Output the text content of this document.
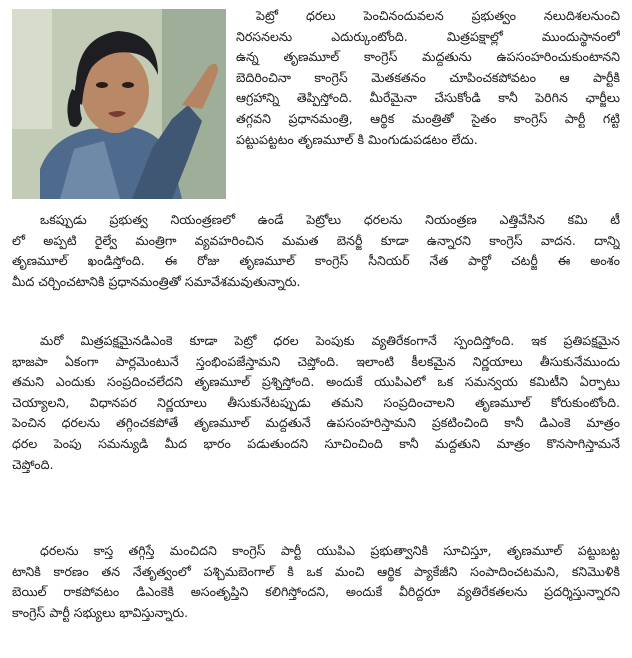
పెట్రో ధరలు పెంచినందువలన ప్రభుత్వం నలుదిశలనుంచి
నిరసనలను ఎదుర్కుంటోంది. మిత్రపక్షాల్లో ముందుస్థానంలో
ఉన్న తృణమూల్ కాంగ్రెస్ మద్దతును ఉపసంహరించుకుంటానని
బెదిరించినా కాంగ్రెస్ మెతకతనం చూపించకపోవటం ఆ పార్టీకి
ఆగ్రహాన్ని తెప్పిస్తోంది. మీరేమైనా చేసుకోండి కానీ పెరిగిన ఛార్జీలు
తగ్గవని ప్రధానమంత్రి, ఆర్థిక మంత్రితో సైతం కాంగ్రెస్ పార్టీ గట్టి
పట్టుపట్టటం తృణమూల్ కి మింగుడుపడటం లేదు.
ఒకప్పుడు ప్రభుత్వ నియంత్రణలో ఉండే పెట్రోలు ధరలను నియంత్రణ ఎత్తివేసిన కమి టీ
లో అప్పటి రైల్వే మంత్రిగా వ్యవహరించిన మమత బెనర్జీ కూడా ఉన్నారని కాంగ్రెస్ వాదన. దాన్ని
తృణమూల్ ఖండిస్తోంది. ఈ రోజు తృణమూల్ కాంగ్రెస్ సీనియర్ నేత పార్థో చటర్జీ ఈ అంశం
మీద చర్చించటానికి ప్రధానమంత్రితో సమావేశమవుతున్నారు.
మరో మిత్రపక్షమైనడిఎంకె కూడా పెట్రో ధరల పెంపుకు వ్యతిరేకంగానే స్పందిస్తోంది. ఇక ప్రతిపక్షమైన
భాజపా ఏకంగా పార్లమెంటునే స్తంభింపజేస్తామని చెప్తోంది. ఇలాంటి కీలకమైన నిర్ణయాలు తీసుకునేముందు
తమని ఎందుకు సంప్రదించలేదని తృణమూల్ ప్రశ్నిస్తోంది. అందుకే యుపిఎలో ఒక సమన్వయ కమిటీని ఏర్పాటు
చెయ్యాలని, విధానపర నిర్ణయాలు తీసుకునేటప్పుడు తమని సంప్రదించాలని తృణమూల్ కోరుకుంటోంది.
పెంచిన ధరలను తగ్గించకపోతే తృణమూల్ మద్దతునే ఉపసంహరిస్తామని ప్రకటించింది కానీ డిఎంకె మాత్రం
ధరల పెంపు సమన్యుడి మీద భారం పడుతుందని సూచించింది కానీ మద్దతుని మాత్రం కొనసాగిస్తామనే
చెప్తోంది.
ధరలను కాస్త తగ్గిస్తే మంచిదని కాంగ్రెస్ పార్టీ యుపిఎ ప్రభుత్వానికి సూచిస్తూ, తృణమూల్ పట్టుబట్ట
టానికి కారణం తన నేతృత్వంలో పశ్చిమబెంగాల్ కి ఒక మంచి ఆర్థిక ప్యాకేజీని సంపాదించటమని, కనిమొళికి
బెయిల్ రాకపోవటం డిఎంకెకి అసంతృప్తిని కలిగిస్తోందని, అందుకే వీరిద్దరూ వ్యతిరేకతలను ప్రదర్శిస్తున్నారని
కాంగ్రెస్ పార్టీ సభ్యులు భావిస్తున్నారు.
